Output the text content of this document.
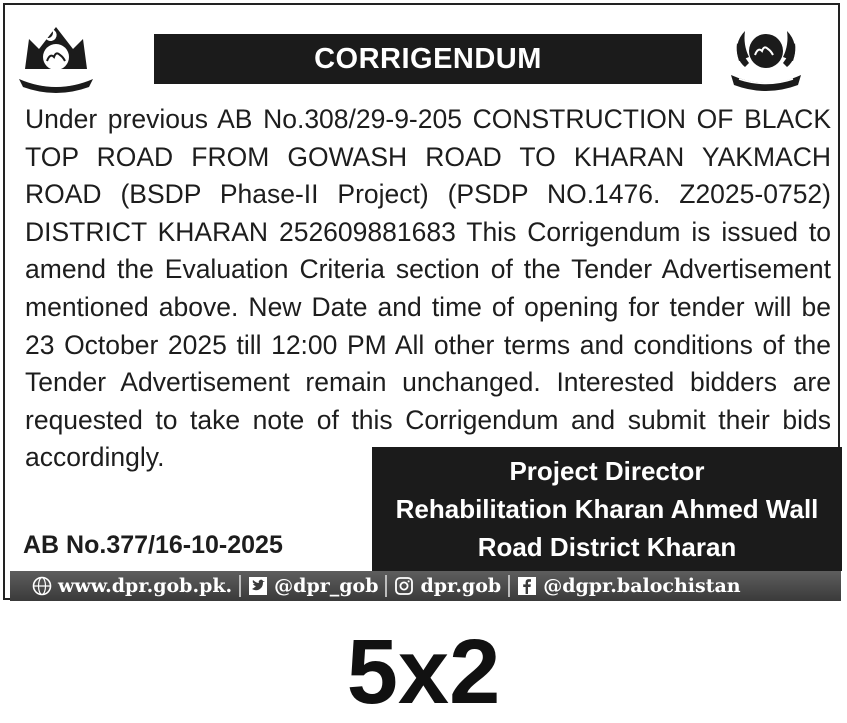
CORRIGENDUM
Under previous AB No.308/29-9-205 CONSTRUCTION OF BLACK TOP ROAD FROM GOWASH ROAD TO KHARAN YAKMACH ROAD (BSDP Phase-II Project) (PSDP NO.1476. Z2025-0752) DISTRICT KHARAN 252609881683 This Corrigendum is issued to amend the Evaluation Criteria section of the Tender Advertisement mentioned above. New Date and time of opening for tender will be 23 October 2025 till 12:00 PM All other terms and conditions of the Tender Advertisement remain unchanged. Interested bidders are requested to take note of this Corrigendum and submit their bids accordingly.	Project Director
Rehabilitation Kharan Ahmed Wall
Road District Kharan
AB No.377/16-10-2025
www.dpr.gob.pk. @dpr_gob dpr.gob @dgpr.balochistan
5x2
